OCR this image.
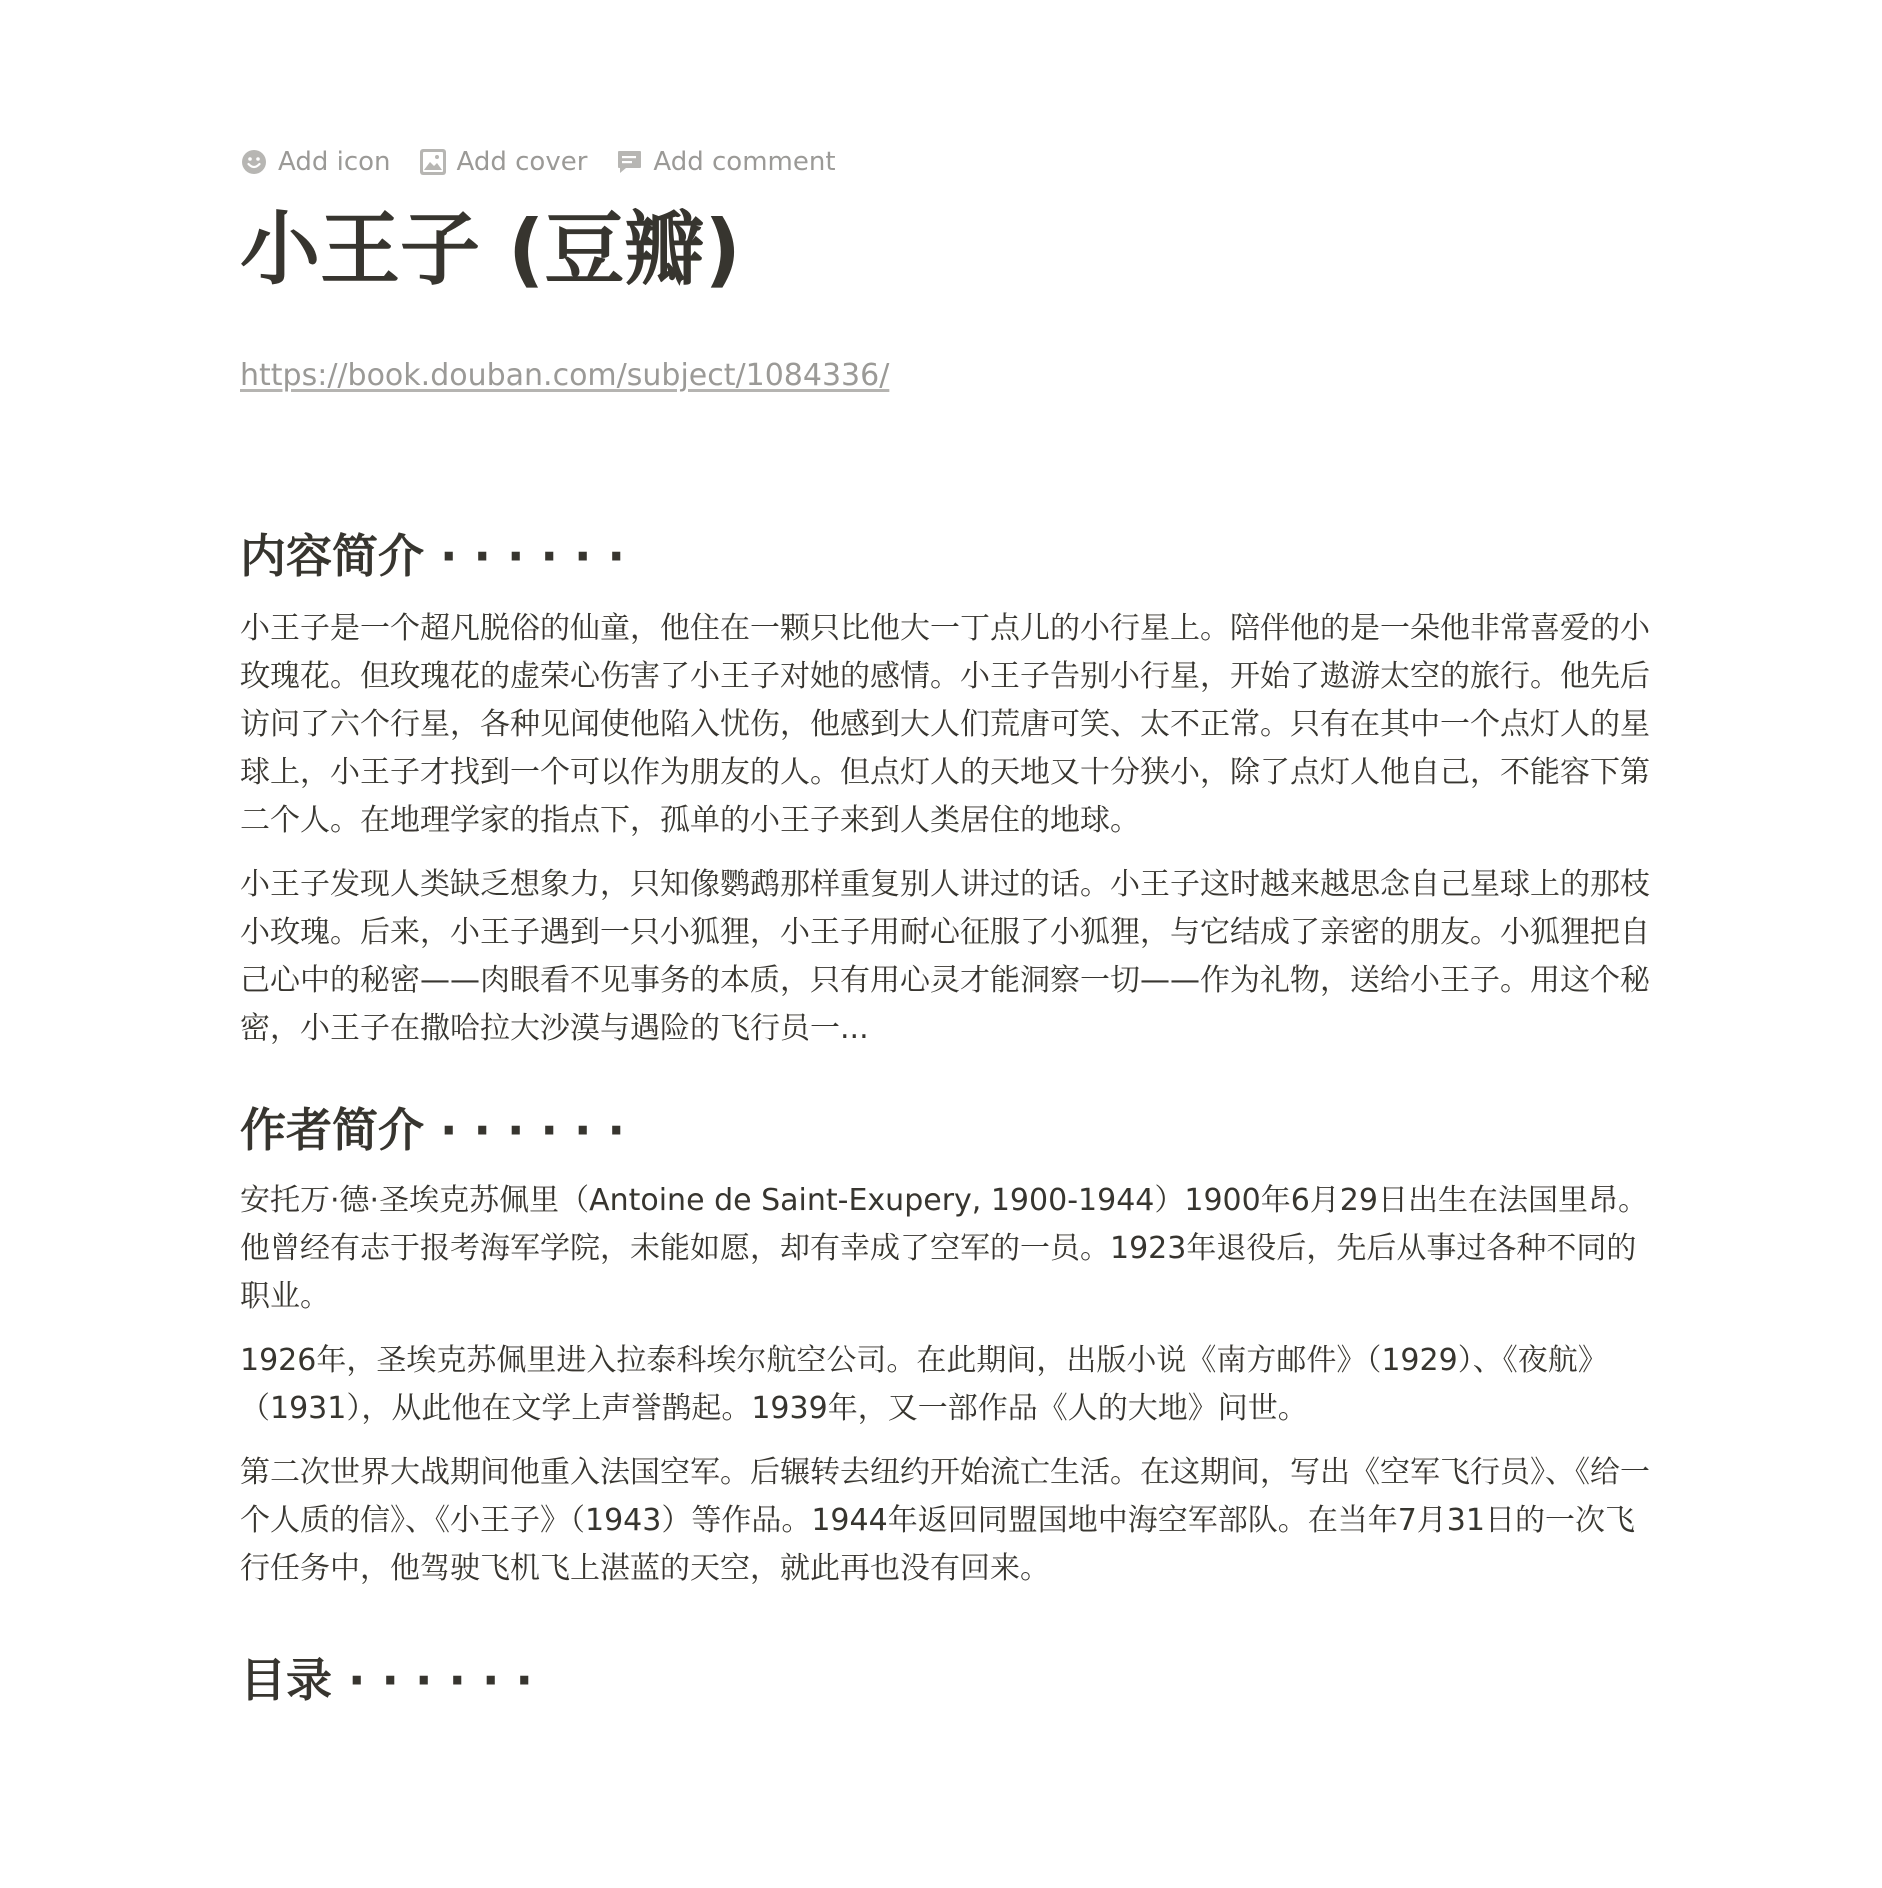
Add icon	Add cover	Add comment
小王子 (豆瓣)
https://book.douban.com/subject/1084336/
内容简介 · · · · · ·

小王子是一个超凡脱俗的仙童，他住在一颗只比他大一丁点儿的小行星上。陪伴他的是一朵他非常喜爱的小玫瑰花。但玫瑰花的虚荣心伤害了小王子对她的感情。小王子告别小行星，开始了遨游太空的旅行。他先后访问了六个行星，各种见闻使他陷入忧伤，他感到大人们荒唐可笑、太不正常。只有在其中一个点灯人的星球上，小王子才找到一个可以作为朋友的人。但点灯人的天地又十分狭小，除了点灯人他自己，不能容下第二个人。在地理学家的指点下，孤单的小王子来到人类居住的地球。

小王子发现人类缺乏想象力，只知像鹦鹉那样重复别人讲过的话。小王子这时越来越思念自己星球上的那枝小玫瑰。后来，小王子遇到一只小狐狸，小王子用耐心征服了小狐狸，与它结成了亲密的朋友。小狐狸把自己心中的秘密——肉眼看不见事务的本质，只有用心灵才能洞察一切——作为礼物，送给小王子。用这个秘密，小王子在撒哈拉大沙漠与遇险的飞行员一...

作者简介 · · · · · ·

安托万·德·圣埃克苏佩里（Antoine de Saint-Exupery, 1900-1944）1900年6月29日出生在法国里昂。他曾经有志于报考海军学院，未能如愿，却有幸成了空军的一员。1923年退役后，先后从事过各种不同的职业。

1926年，圣埃克苏佩里进入拉泰科埃尔航空公司。在此期间，出版小说《南方邮件》（1929）、《夜航》（1931），从此他在文学上声誉鹊起。1939年，又一部作品《人的大地》问世。

第二次世界大战期间他重入法国空军。后辗转去纽约开始流亡生活。在这期间，写出《空军飞行员》、《给一个人质的信》、《小王子》（1943）等作品。1944年返回同盟国地中海空军部队。在当年7月31日的一次飞行任务中，他驾驶飞机飞上湛蓝的天空，就此再也没有回来。

目录 · · · · · ·
